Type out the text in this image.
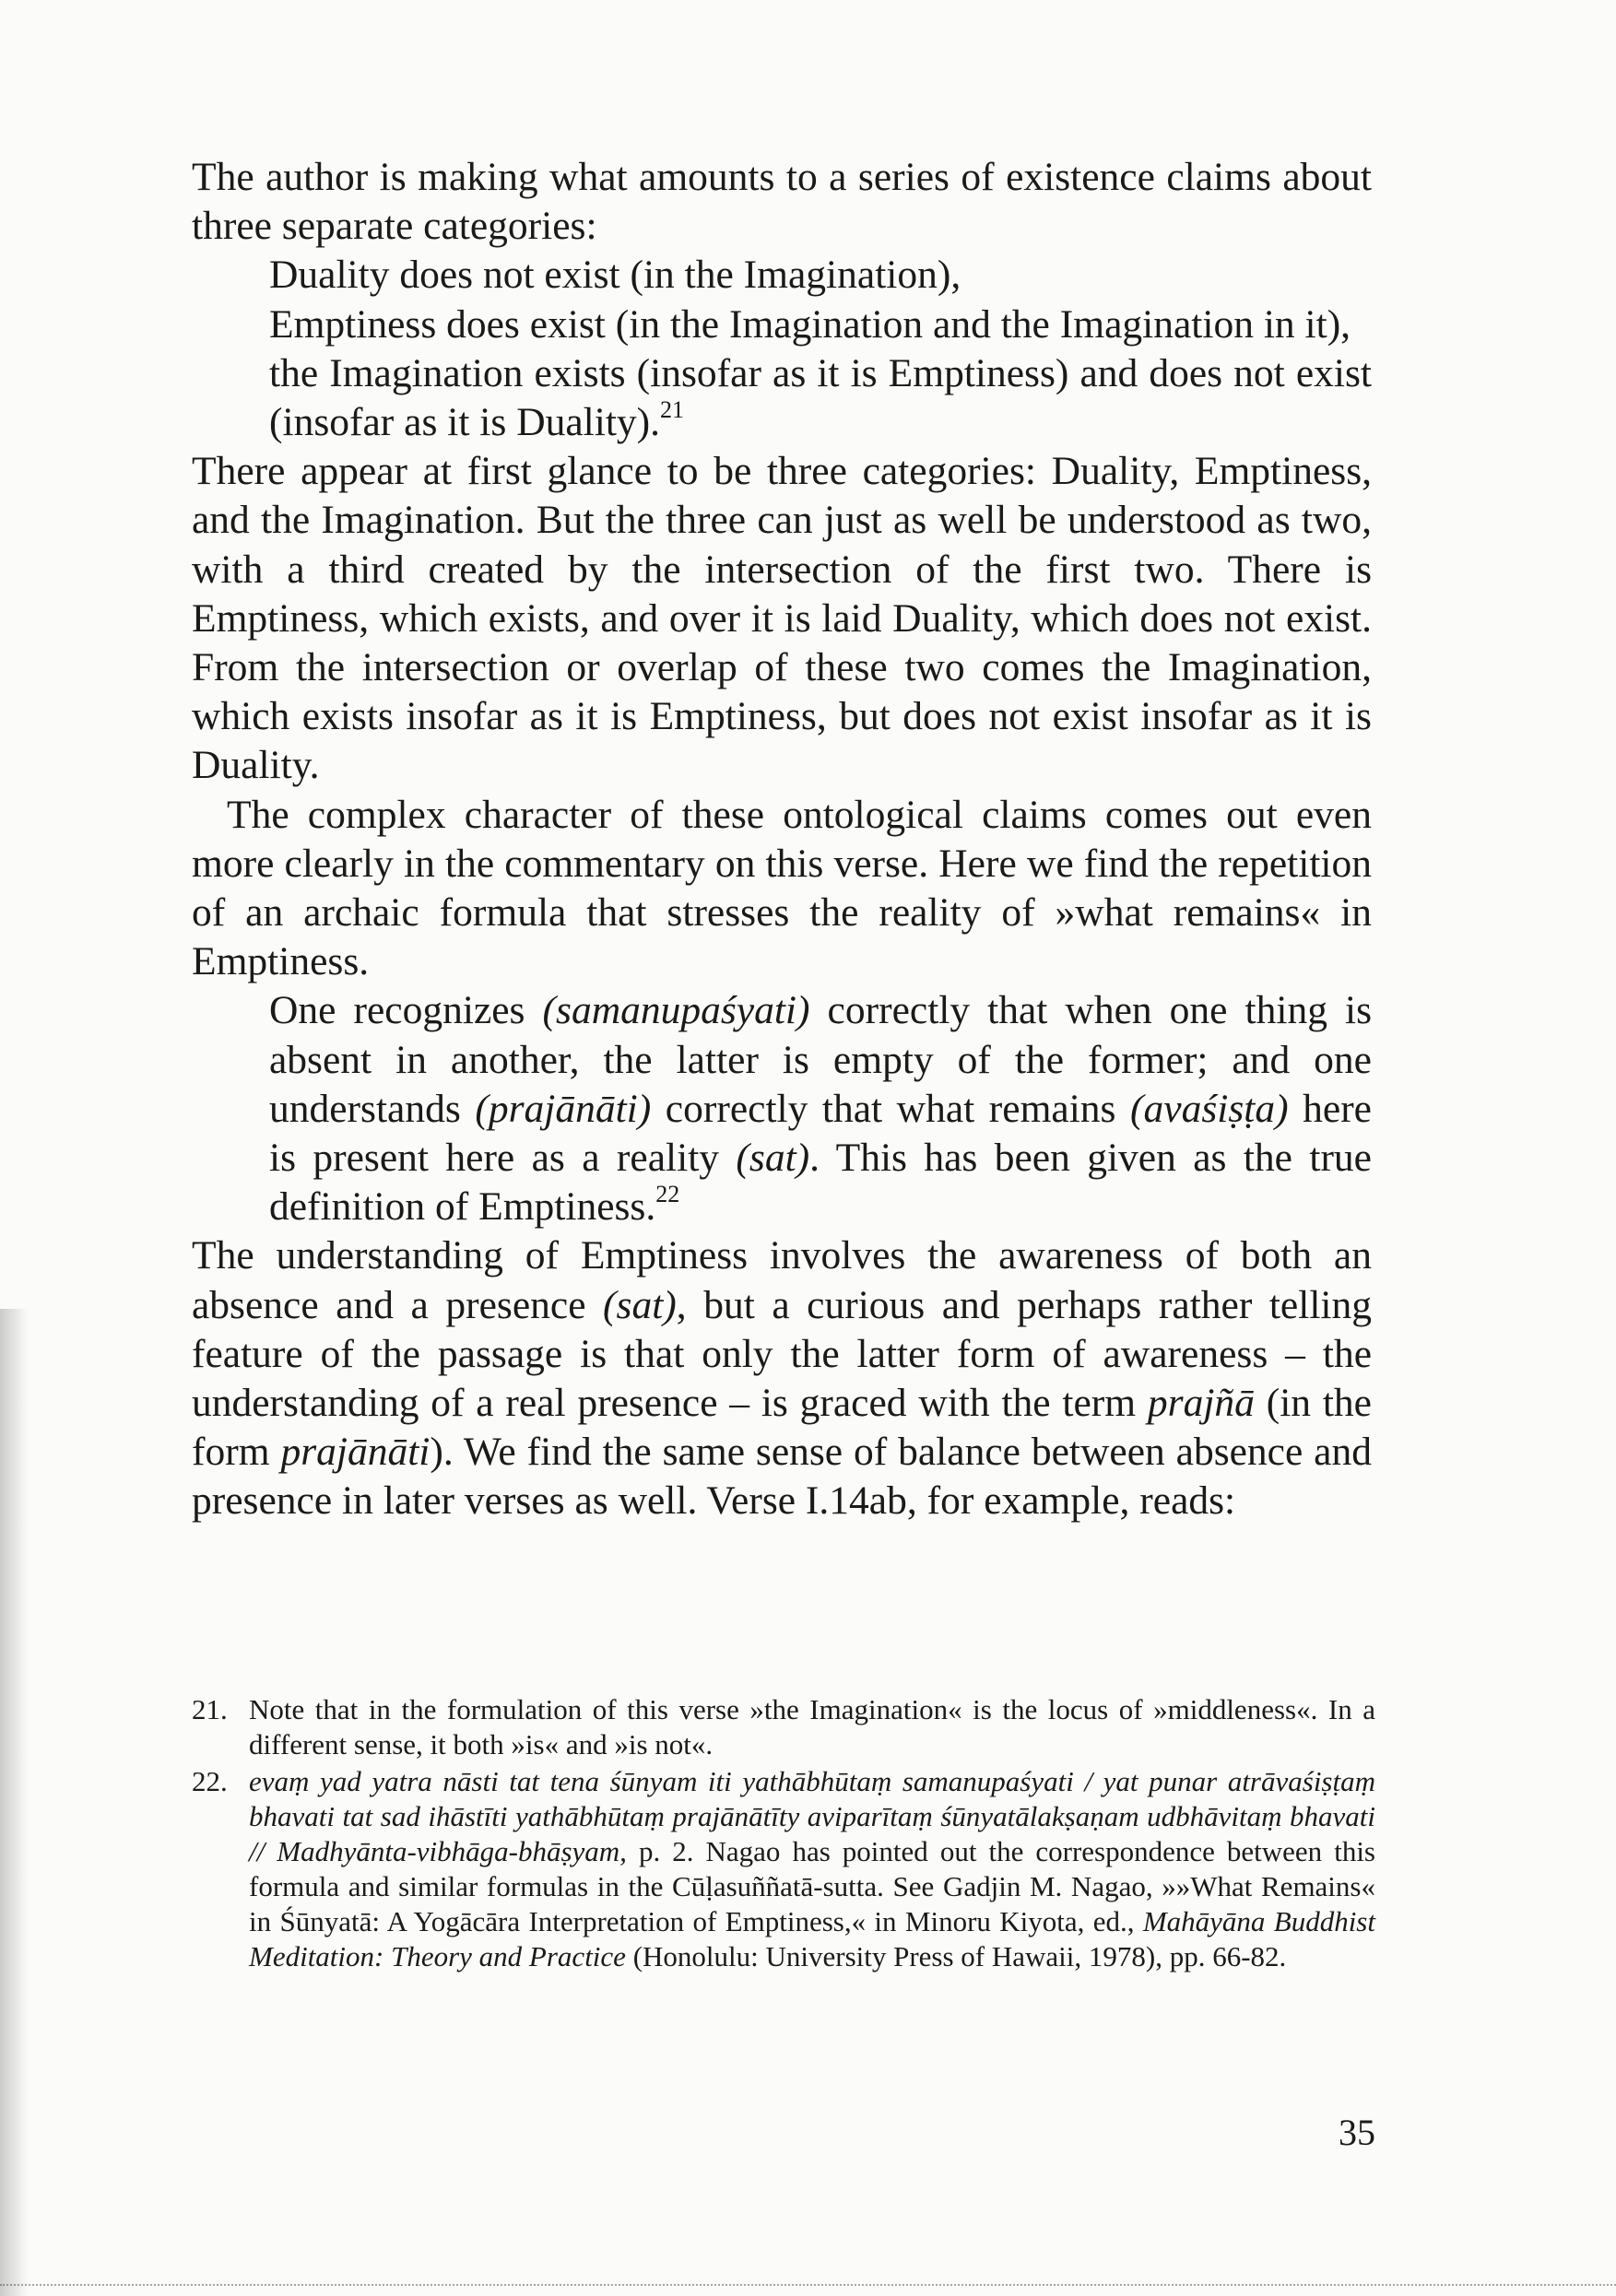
The author is making what amounts to a series of existence claims about three separate categories:

Duality does not exist (in the Imagination),

Emptiness does exist (in the Imagination and the Imagination in it),

the Imagination exists (insofar as it is Emptiness) and does not exist (insofar as it is Duality).$^{21}$

There appear at first glance to be three categories: Duality, Emptiness, and the Imagination. But the three can just as well be understood as two, with a third created by the intersection of the first two. There is Emptiness, which exists, and over it is laid Duality, which does not exist. From the intersection or overlap of these two comes the Imagination, which exists insofar as it is Emptiness, but does not exist insofar as it is Duality.

The complex character of these ontological claims comes out even more clearly in the commentary on this verse. Here we find the repetition of an archaic formula that stresses the reality of »what remains« in Emptiness.

One recognizes (samanupaśyati) correctly that when one thing is absent in another, the latter is empty of the former; and one understands (prajānāti) correctly that what remains (avaśiṣṭa) here is present here as a reality (sat). This has been given as the true definition of Emptiness.$^{22}$

The understanding of Emptiness involves the awareness of both an absence and a presence (sat), but a curious and perhaps rather telling feature of the passage is that only the latter form of awareness – the understanding of a real presence – is graced with the term prajñā (in the form prajānāti). We find the same sense of balance between absence and presence in later verses as well. Verse I.14ab, for example, reads:

21. Note that in the formulation of this verse »the Imagination« is the locus of »middleness«. In a different sense, it both »is« and »is not«.
22. evaṃ yad yatra nāsti tat tena śūnyam iti yathābhūtaṃ samanupaśyati / yat punar atrāvaśiṣṭaṃ bhavati tat sad ihāstīti yathābhūtaṃ prajānātīty aviparītaṃ śūnyatālakṣaṇam udbhāvitaṃ bhavati // Madhyānta-vibhāga-bhāṣyam, p. 2. Nagao has pointed out the correspondence between this formula and similar formulas in the Cūḷasuññatā-sutta. See Gadjin M. Nagao, »»What Remains« in Śūnyatā: A Yogācāra Interpretation of Emptiness,« in Minoru Kiyota, ed., Mahāyāna Buddhist Meditation: Theory and Practice (Honolulu: University Press of Hawaii, 1978), pp. 66-82.
35
